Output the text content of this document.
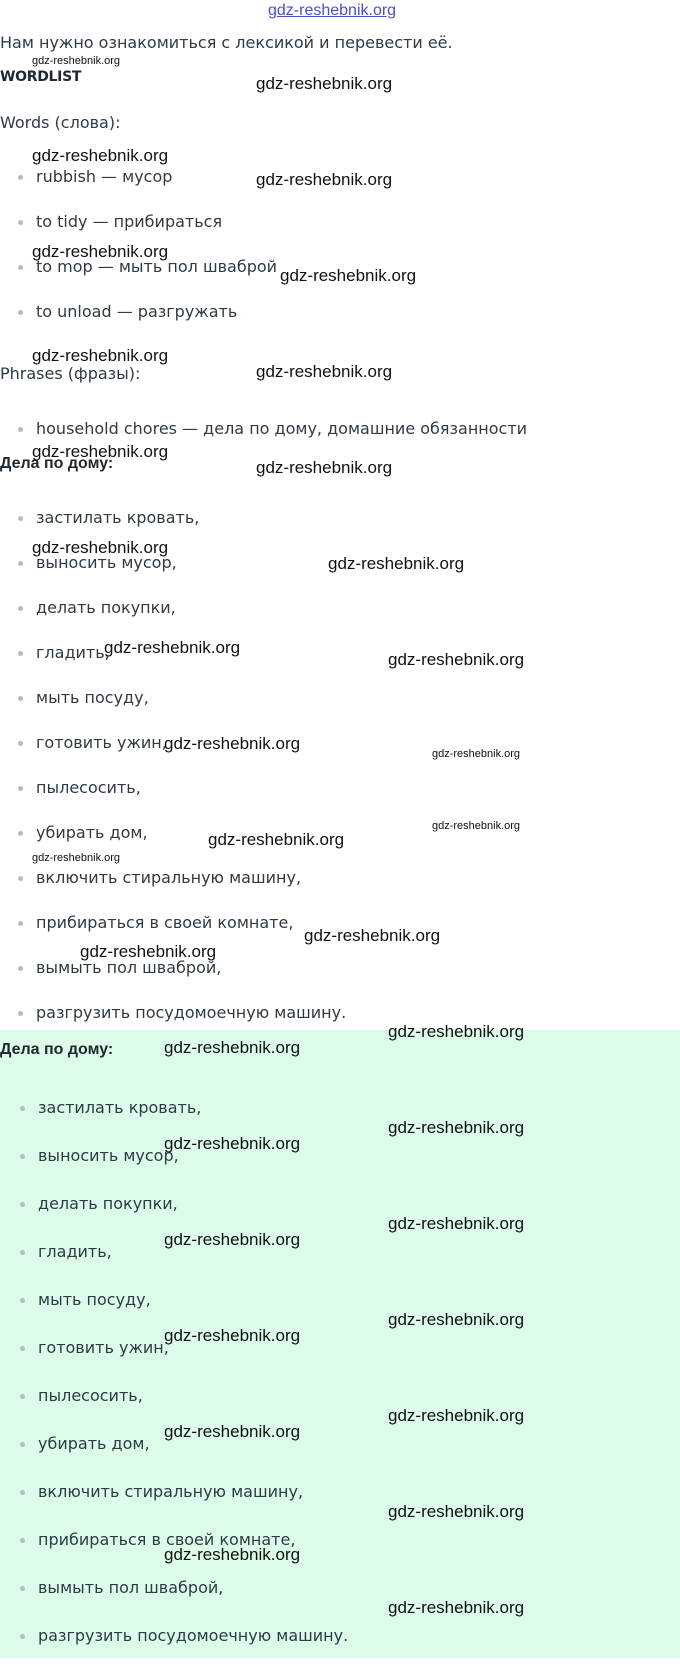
gdz-reshebnik.org
Нам нужно ознакомиться с лексикой и перевести её.
WORDLIST
Words (слова):
rubbish — мусор
to tidy — прибираться
to mop — мыть пол шваброй
to unload — разгружать
Phrases (фразы):
household chores — дела по дому, домашние обязанности
Дела по дому:
застилать кровать,
выносить мусор,
делать покупки,
гладить,
мыть посуду,
готовить ужин,
пылесосить,
убирать дом,
включить стиральную машину,
прибираться в своей комнате,
вымыть пол шваброй,
разгрузить посудомоечную машину.
Дела по дому:
застилать кровать,
выносить мусор,
делать покупки,
гладить,
мыть посуду,
готовить ужин,
пылесосить,
убирать дом,
включить стиральную машину,
прибираться в своей комнате,
вымыть пол шваброй,
разгрузить посудомоечную машину.
gdz-reshebnik.org
gdz-reshebnik.org
gdz-reshebnik.org
gdz-reshebnik.org
gdz-reshebnik.org
gdz-reshebnik.org
gdz-reshebnik.org
gdz-reshebnik.org
gdz-reshebnik.org
gdz-reshebnik.org
gdz-reshebnik.org
gdz-reshebnik.org
gdz-reshebnik.org
gdz-reshebnik.org
gdz-reshebnik.org
gdz-reshebnik.org
gdz-reshebnik.org
gdz-reshebnik.org
gdz-reshebnik.org
gdz-reshebnik.org
gdz-reshebnik.org
gdz-reshebnik.org
gdz-reshebnik.org
gdz-reshebnik.org
gdz-reshebnik.org
gdz-reshebnik.org
gdz-reshebnik.org
gdz-reshebnik.org
gdz-reshebnik.org
gdz-reshebnik.org
gdz-reshebnik.org
gdz-reshebnik.org
gdz-reshebnik.org
gdz-reshebnik.org
